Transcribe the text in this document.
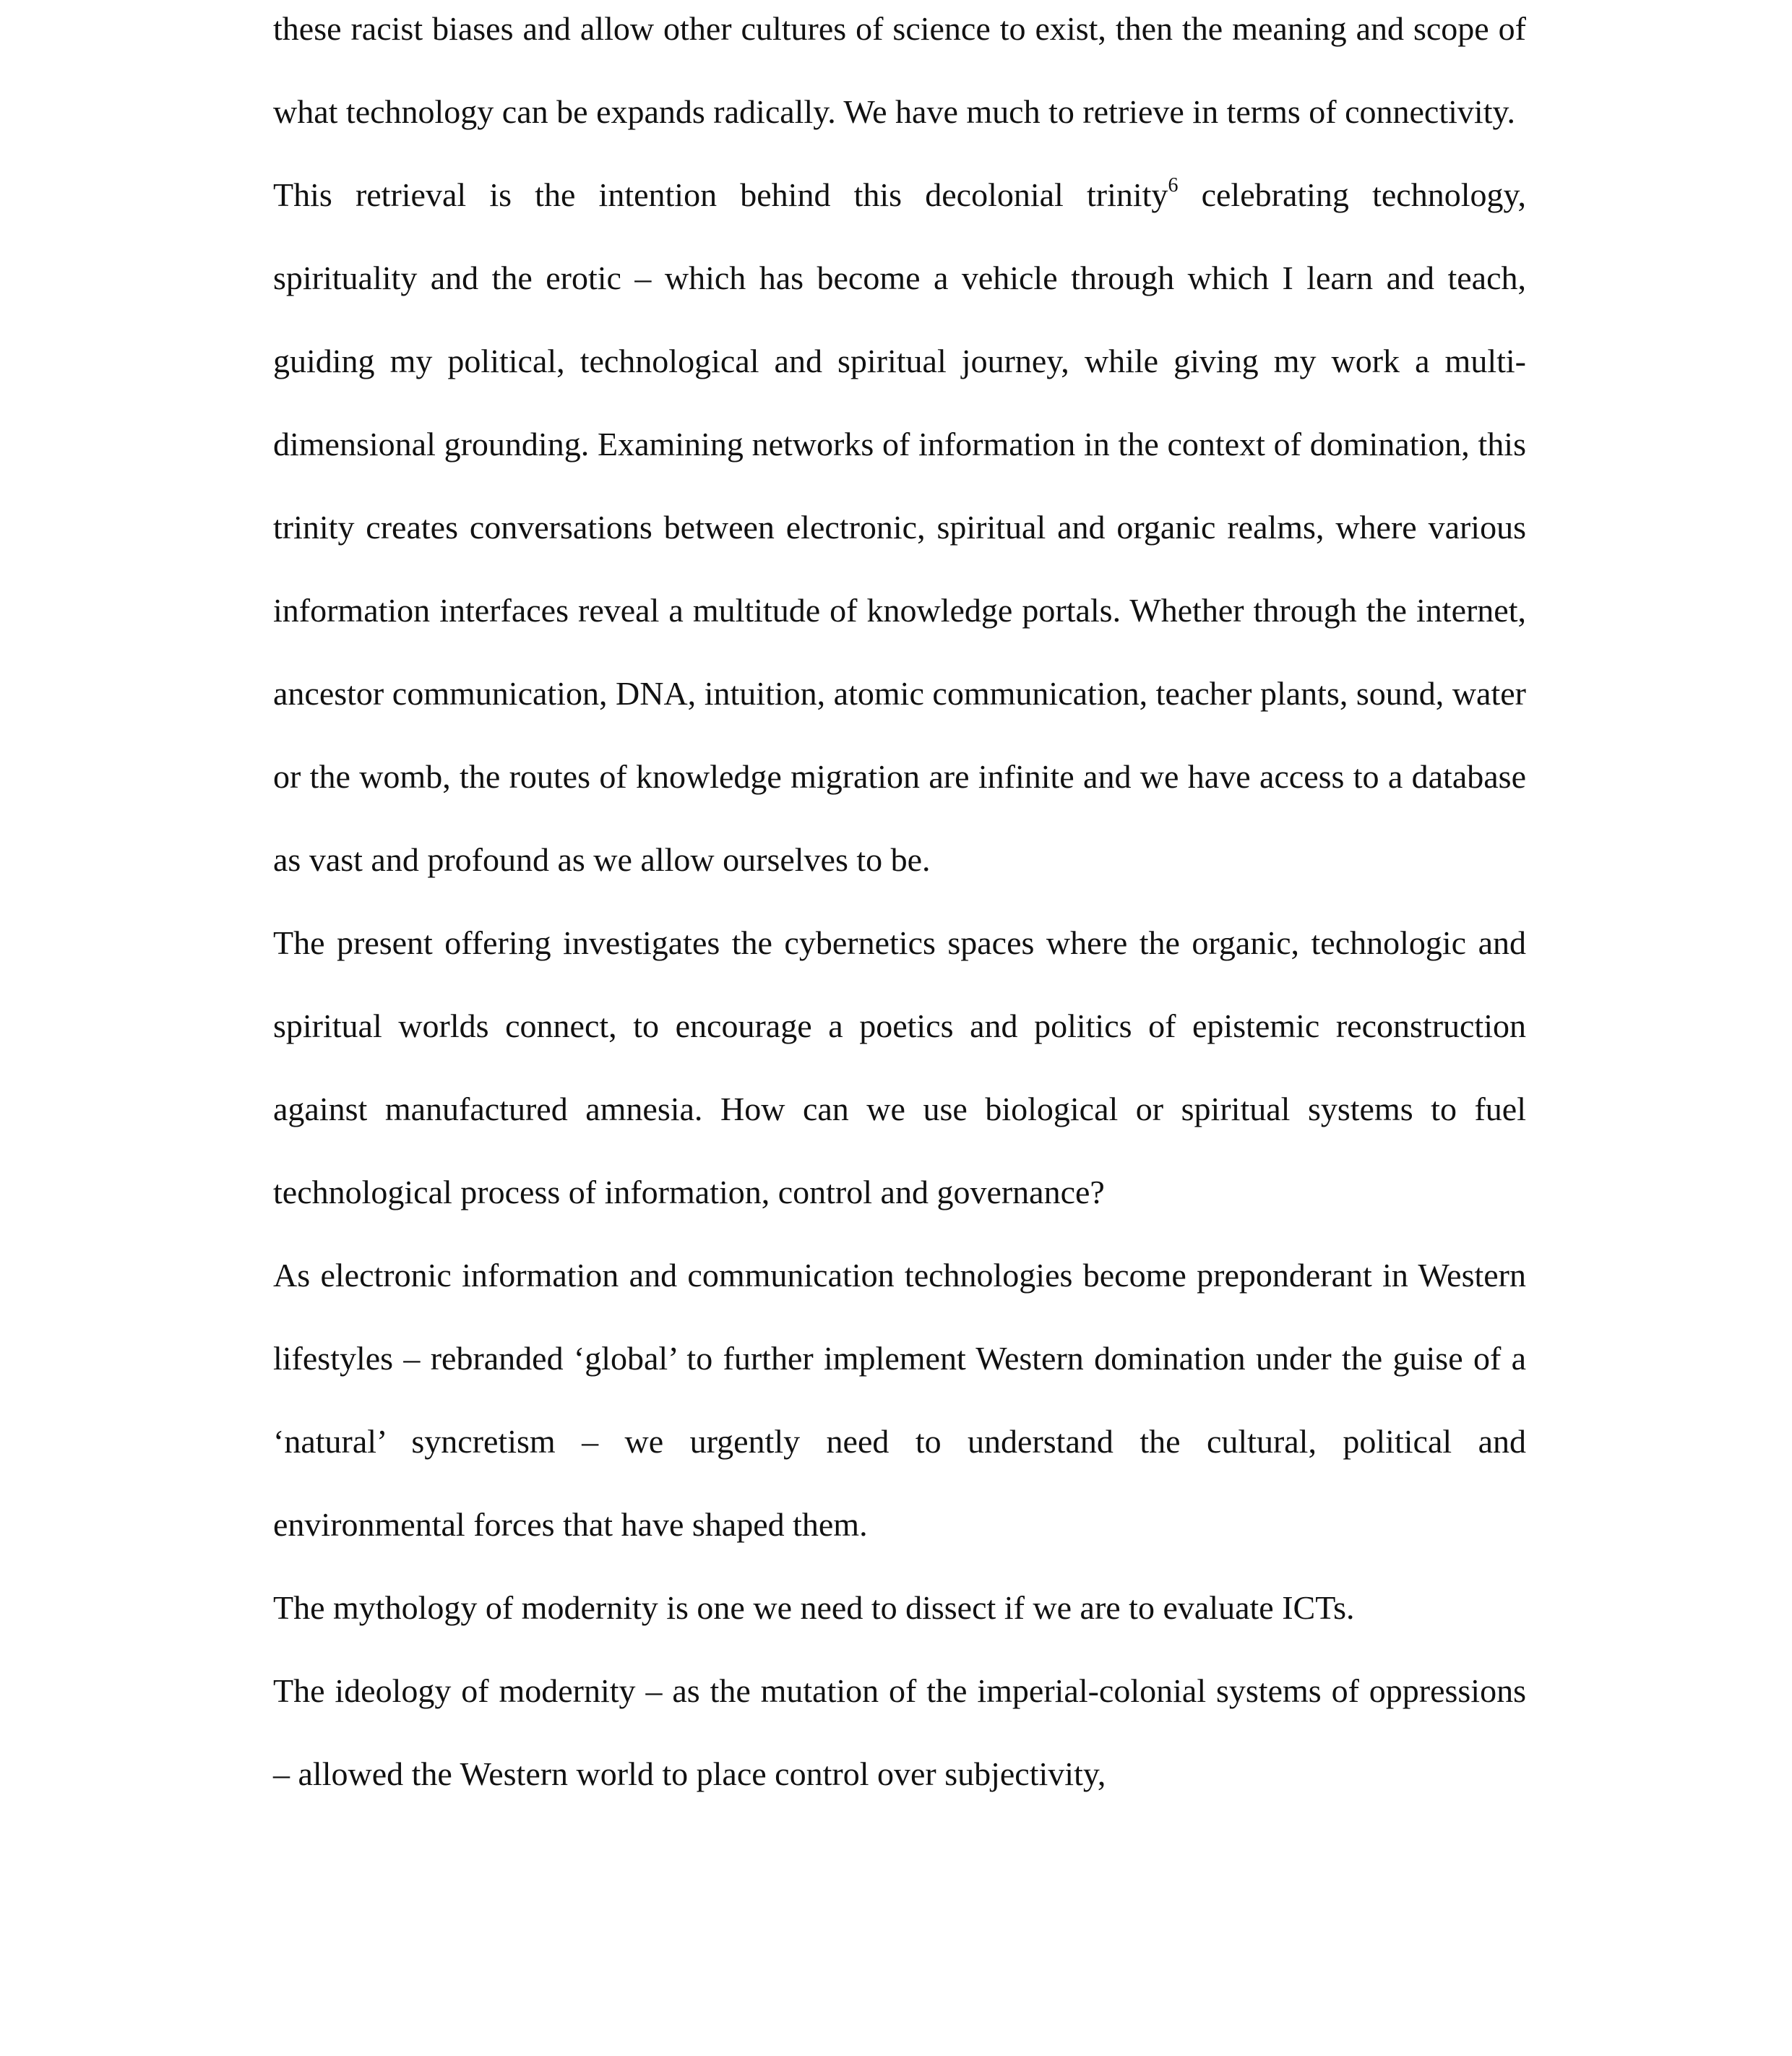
these racist biases and allow other cultures of science to exist, then the meaning and scope of what technology can be expands radically. We have much to retrieve in terms of connectivity.

This retrieval is the intention behind this decolonial trinity$^6$ celebrating technology, spirituality and the erotic – which has become a vehicle through which I learn and teach, guiding my political, technological and spiritual journey, while giving my work a multi-dimensional grounding. Examining networks of information in the context of domination, this trinity creates conversations between electronic, spiritual and organic realms, where various information interfaces reveal a multitude of knowledge portals. Whether through the internet, ancestor communication, DNA, intuition, atomic communication, teacher plants, sound, water or the womb, the routes of knowledge migration are infinite and we have access to a database as vast and profound as we allow ourselves to be.

The present offering investigates the cybernetics spaces where the organic, technologic and spiritual worlds connect, to encourage a poetics and politics of epistemic reconstruction against manufactured amnesia. How can we use biological or spiritual systems to fuel technological process of information, control and governance?

As electronic information and communication technologies become preponderant in Western lifestyles – rebranded ‘global’ to further implement Western domination under the guise of a ‘natural’ syncretism – we urgently need to understand the cultural, political and environmental forces that have shaped them.

The mythology of modernity is one we need to dissect if we are to evaluate ICTs.

The ideology of modernity – as the mutation of the imperial-colonial systems of oppressions – allowed the Western world to place control over subjectivity,
